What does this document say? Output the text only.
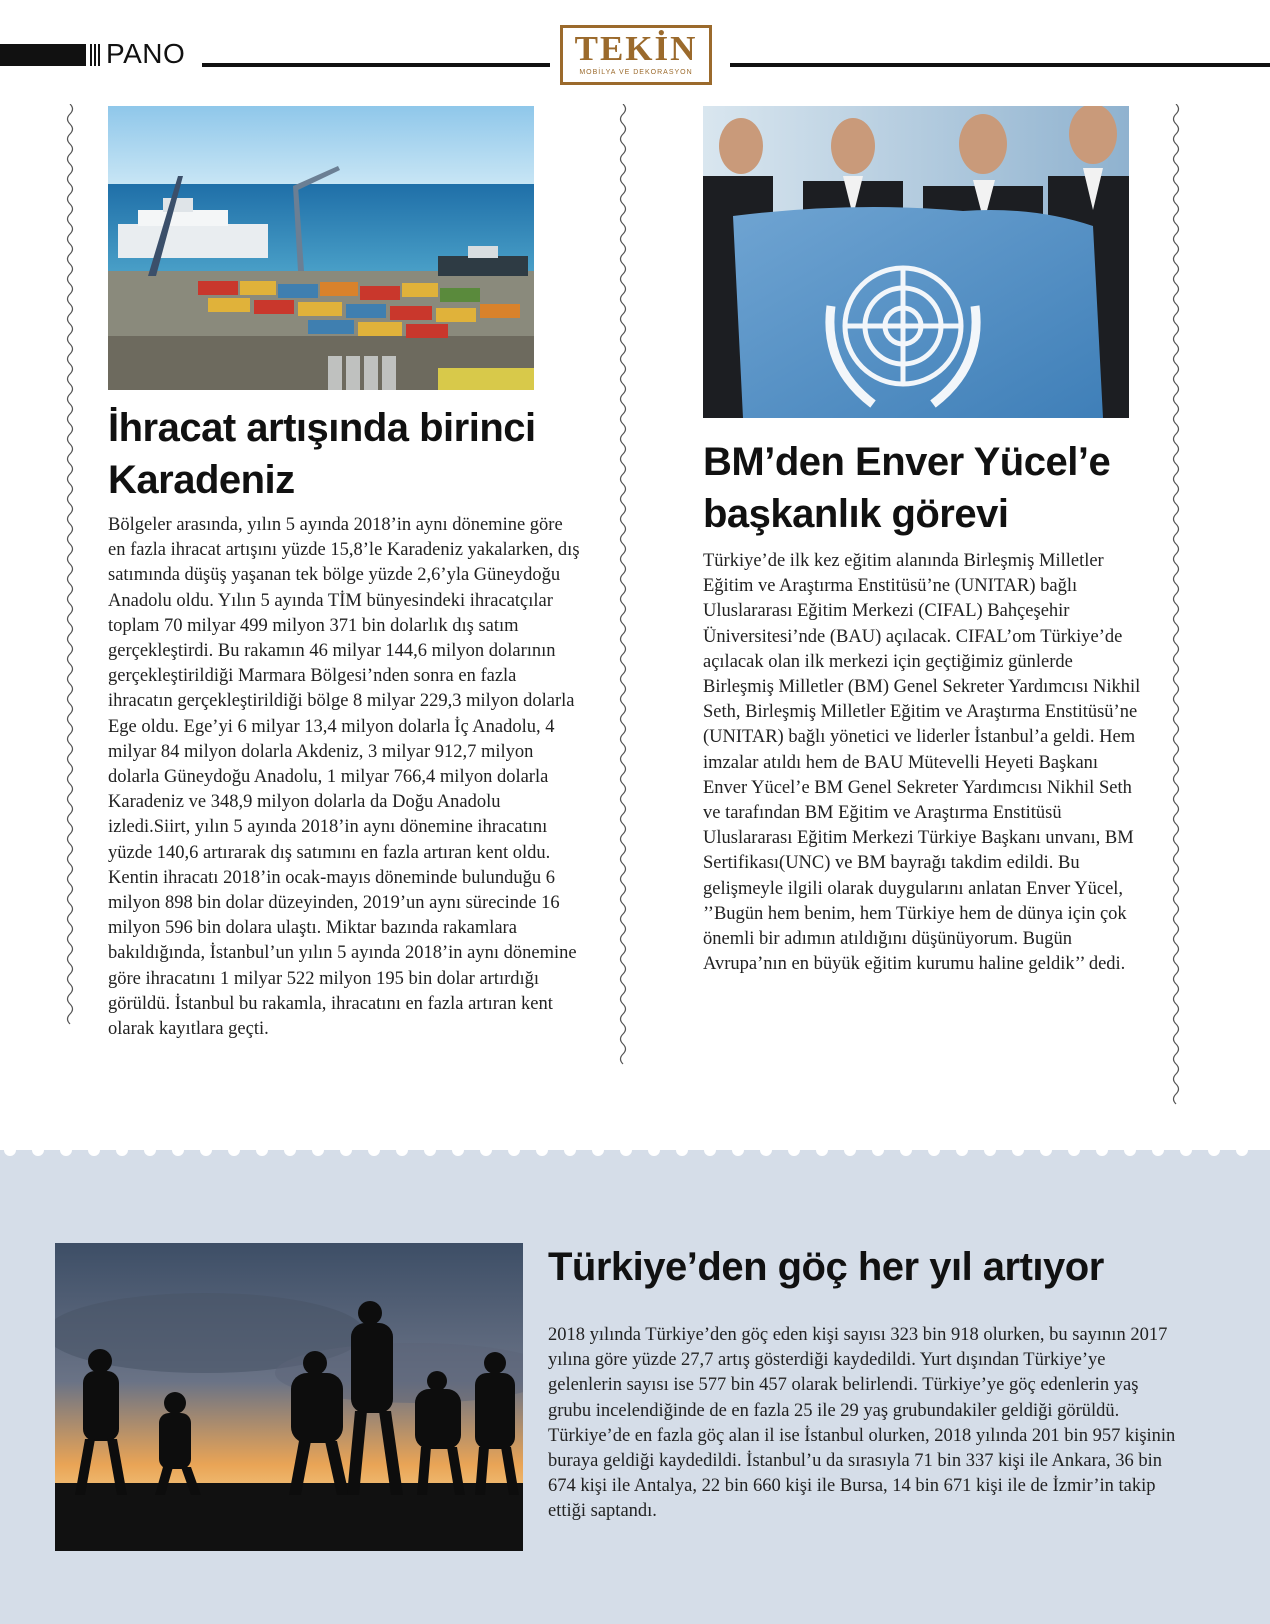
PANO	TEKİN
MOBİLYA VE DEKORASYON
İhracat artışında birinci
Karadeniz

Bölgeler arasında, yılın 5 ayında 2018’in aynı dönemine göre en fazla ihracat artışını yüzde 15,8’le Karadeniz yakalarken, dış satımında düşüş yaşanan tek bölge yüzde 2,6’yla Güneydoğu Anadolu oldu. Yılın 5 ayında TİM bünyesindeki ihracatçılar toplam 70 milyar 499 milyon 371 bin dolarlık dış satım gerçekleştirdi. Bu rakamın 46 milyar 144,6 milyon dolarının gerçekleştirildiği Marmara Bölgesi’nden sonra en fazla ihracatın gerçekleştirildiği bölge 8 milyar 229,3 milyon dolarla Ege oldu. Ege’yi 6 milyar 13,4 milyon dolarla İç Anadolu, 4 milyar 84 milyon dolarla Akdeniz, 3 milyar 912,7 milyon dolarla Güneydoğu Anadolu, 1 milyar 766,4 milyon dolarla Karadeniz ve 348,9 milyon dolarla da Doğu Anadolu izledi.Siirt, yılın 5 ayında 2018’in aynı dönemine ihracatını yüzde 140,6 artırarak dış satımını en fazla artıran kent oldu. Kentin ihracatı 2018’in ocak-mayıs döneminde bulunduğu 6 milyon 898 bin dolar düzeyinden, 2019’un aynı sürecinde 16 milyon 596 bin dolara ulaştı. Miktar bazında rakamlara bakıldığında, İstanbul’un yılın 5 ayında 2018’in aynı dönemine göre ihracatını 1 milyar 522 milyon 195 bin dolar artırdığı görüldü. İstanbul bu rakamla, ihracatını en fazla artıran kent olarak kayıtlara geçti.

BM’den Enver Yücel’e
başkanlık görevi

Türkiye’de ilk kez eğitim alanında Birleşmiş Milletler Eğitim ve Araştırma Enstitüsü’ne (UNITAR) bağlı Uluslararası Eğitim Merkezi (CIFAL) Bahçeşehir Üniversitesi’nde (BAU) açılacak. CIFAL’om Türkiye’de açılacak olan ilk merkezi için geçtiğimiz günlerde Birleşmiş Milletler (BM) Genel Sekreter Yardımcısı Nikhil Seth, Birleşmiş Milletler Eğitim ve Araştırma Enstitüsü’ne (UNITAR) bağlı yönetici ve liderler İstanbul’a geldi. Hem imzalar atıldı hem de BAU Mütevelli Heyeti Başkanı Enver Yücel’e BM Genel Sekreter Yardımcısı Nikhil Seth ve tarafından BM Eğitim ve Araştırma Enstitüsü Uluslararası Eğitim Merkezi Türkiye Başkanı unvanı, BM Sertifikası(UNC) ve BM bayrağı takdim edildi. Bu gelişmeyle ilgili olarak duygularını anlatan Enver Yücel, ’’Bugün hem benim, hem Türkiye hem de dünya için çok önemli bir adımın atıldığını düşünüyorum. Bugün Avrupa’nın en büyük eğitim kurumu haline geldik’’ dedi.

Türkiye’den göç her yıl artıyor

2018 yılında Türkiye’den göç eden kişi sayısı 323 bin 918 olurken, bu sayının 2017 yılına göre yüzde 27,7 artış gösterdiği kaydedildi. Yurt dışından Türkiye’ye gelenlerin sayısı ise 577 bin 457 olarak belirlendi. Türkiye’ye göç edenlerin yaş grubu incelendiğinde de en fazla 25 ile 29 yaş grubundakiler geldiği görüldü. Türkiye’de en fazla göç alan il ise İstanbul olurken, 2018 yılında 201 bin 957 kişinin buraya geldiği kaydedildi. İstanbul’u da sırasıyla 71 bin 337 kişi ile Ankara, 36 bin 674 kişi ile Antalya, 22 bin 660 kişi ile Bursa, 14 bin 671 kişi ile de İzmir’in takip ettiği saptandı.
